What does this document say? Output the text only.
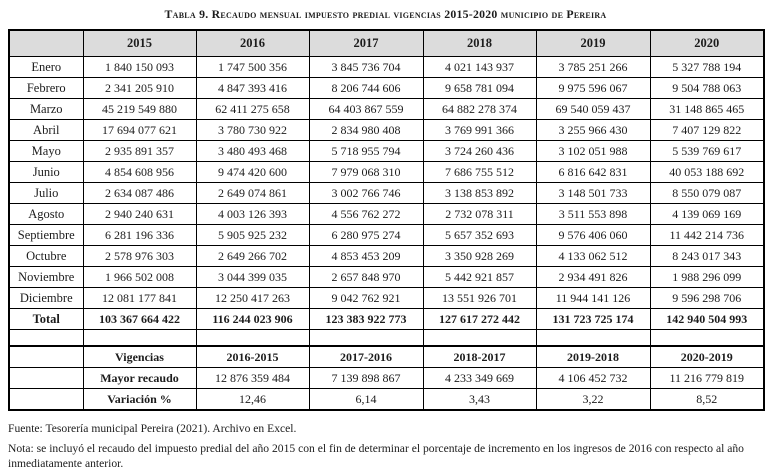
Tabla 9. Recaudo mensual impuesto predial vigencias 2015-2020 municipio de Pereira
	2015	2016	2017	2018	2019	2020
Enero	1 840 150 093	1 747 500 356	3 845 736 704	4 021 143 937	3 785 251 266	5 327 788 194
Febrero	2 341 205 910	4 847 393 416	8 206 744 606	9 658 781 094	9 975 596 067	9 504 788 063
Marzo	45 219 549 880	62 411 275 658	64 403 867 559	64 882 278 374	69 540 059 437	31 148 865 465
Abril	17 694 077 621	3 780 730 922	2 834 980 408	3 769 991 366	3 255 966 430	7 407 129 822
Mayo	2 935 891 357	3 480 493 468	5 718 955 794	3 724 260 436	3 102 051 988	5 539 769 617
Junio	4 854 608 956	9 474 420 600	7 979 068 310	7 686 755 512	6 816 642 831	40 053 188 692
Julio	2 634 087 486	2 649 074 861	3 002 766 746	3 138 853 892	3 148 501 733	8 550 079 087
Agosto	2 940 240 631	4 003 126 393	4 556 762 272	2 732 078 311	3 511 553 898	4 139 069 169
Septiembre	6 281 196 336	5 905 925 232	6 280 975 274	5 657 352 693	9 576 406 060	11 442 214 736
Octubre	2 578 976 303	2 649 266 702	4 853 453 209	3 350 928 269	4 133 062 512	8 243 017 343
Noviembre	1 966 502 008	3 044 399 035	2 657 848 970	5 442 921 857	2 934 491 826	1 988 296 099
Diciembre	12 081 177 841	12 250 417 263	9 042 762 921	13 551 926 701	11 944 141 126	9 596 298 706
Total	103 367 664 422	116 244 023 906	123 383 922 773	127 617 272 442	131 723 725 174	142 940 504 993

	Vigencias	2016-2015	2017-2016	2018-2017	2019-2018	2020-2019
	Mayor recaudo	12 876 359 484	7 139 898 867	4 233 349 669	4 106 452 732	11 216 779 819
	Variación %	12,46	6,14	3,43	3,22	8,52
Fuente: Tesorería municipal Pereira (2021). Archivo en Excel.
Nota: se incluyó el recaudo del impuesto predial del año 2015 con el fin de determinar el porcentaje de incremento en los ingresos de 2016 con respecto al año inmediatamente anterior.
